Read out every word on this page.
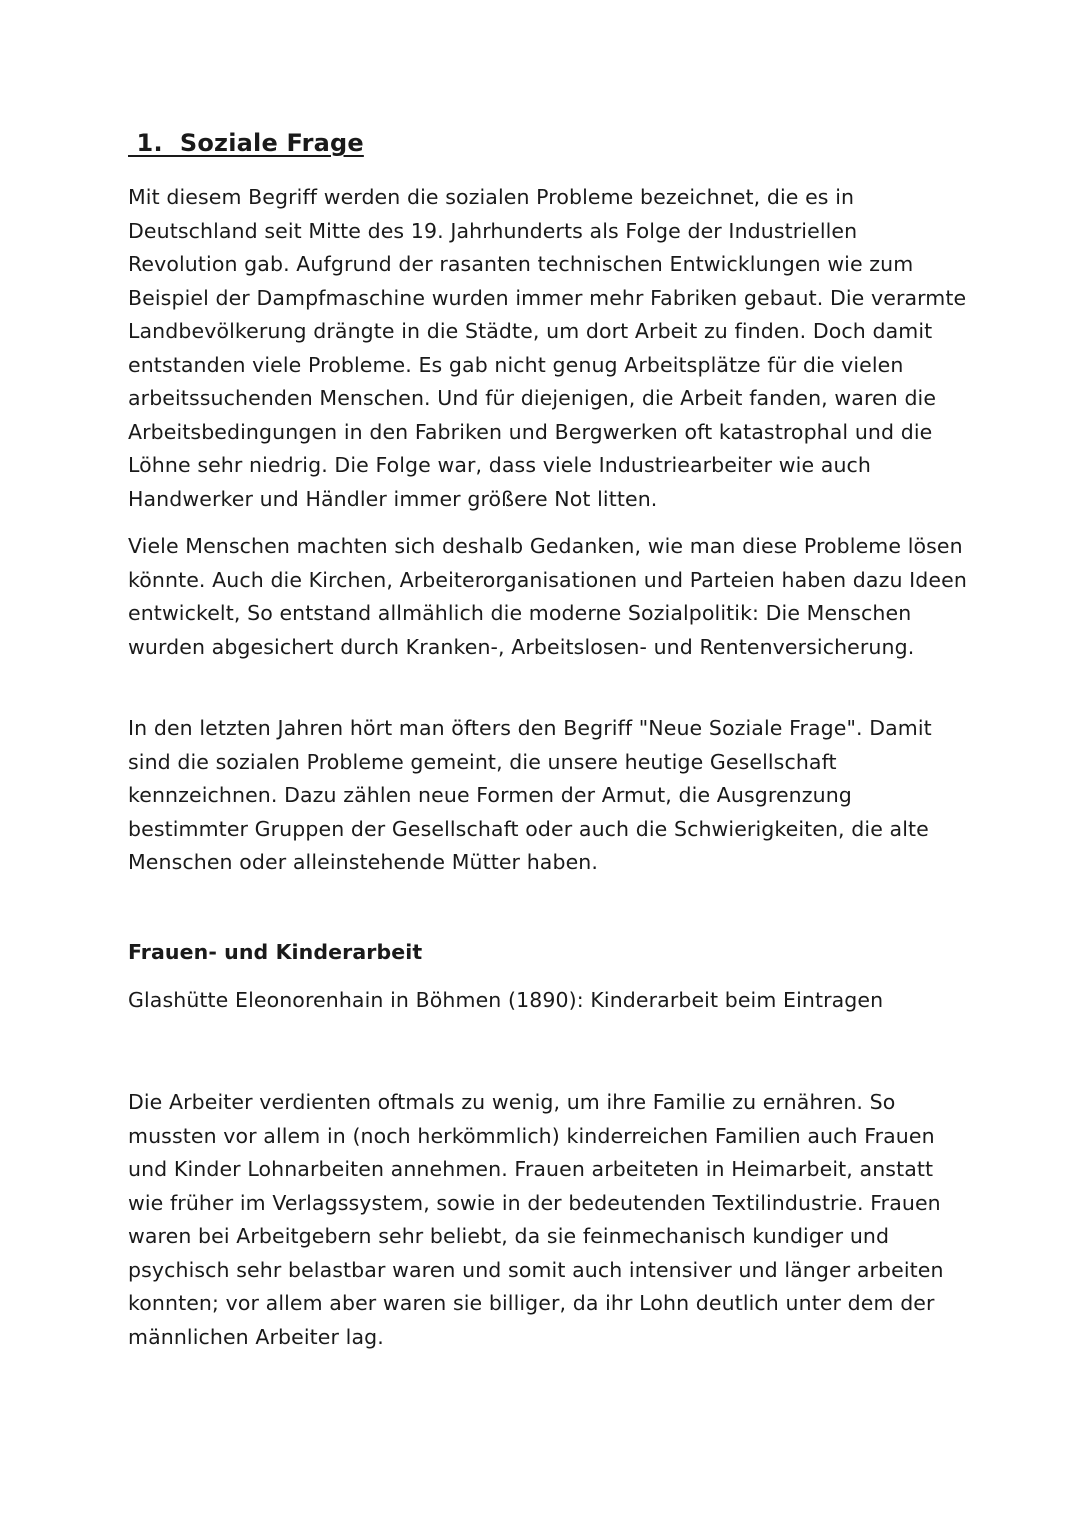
1.  Soziale Frage

Mit diesem Begriff werden die sozialen Probleme bezeichnet, die es in Deutschland seit Mitte des 19. Jahrhunderts als Folge der Industriellen Revolution gab. Aufgrund der rasanten technischen Entwicklungen wie zum Beispiel der Dampfmaschine wurden immer mehr Fabriken gebaut. Die verarmte Landbevölkerung drängte in die Städte, um dort Arbeit zu finden. Doch damit entstanden viele Probleme. Es gab nicht genug Arbeitsplätze für die vielen arbeitssuchenden Menschen. Und für diejenigen, die Arbeit fanden, waren die Arbeitsbedingungen in den Fabriken und Bergwerken oft katastrophal und die Löhne sehr niedrig. Die Folge war, dass viele Industriearbeiter wie auch Handwerker und Händler immer größere Not litten.

Viele Menschen machten sich deshalb Gedanken, wie man diese Probleme lösen könnte. Auch die Kirchen, Arbeiterorganisationen und Parteien haben dazu Ideen entwickelt, So entstand allmählich die moderne Sozialpolitik: Die Menschen wurden abgesichert durch Kranken-, Arbeitslosen- und Rentenversicherung.

In den letzten Jahren hört man öfters den Begriff "Neue Soziale Frage". Damit sind die sozialen Probleme gemeint, die unsere heutige Gesellschaft kennzeichnen. Dazu zählen neue Formen der Armut, die Ausgrenzung bestimmter Gruppen der Gesellschaft oder auch die Schwierigkeiten, die alte Menschen oder alleinstehende Mütter haben.

Frauen- und Kinderarbeit

Glashütte Eleonorenhain in Böhmen (1890): Kinderarbeit beim Eintragen

Die Arbeiter verdienten oftmals zu wenig, um ihre Familie zu ernähren. So mussten vor allem in (noch herkömmlich) kinderreichen Familien auch Frauen und Kinder Lohnarbeiten annehmen. Frauen arbeiteten in Heimarbeit, anstatt wie früher im Verlagssystem, sowie in der bedeutenden Textilindustrie. Frauen waren bei Arbeitgebern sehr beliebt, da sie feinmechanisch kundiger und psychisch sehr belastbar waren und somit auch intensiver und länger arbeiten konnten; vor allem aber waren sie billiger, da ihr Lohn deutlich unter dem der männlichen Arbeiter lag.
